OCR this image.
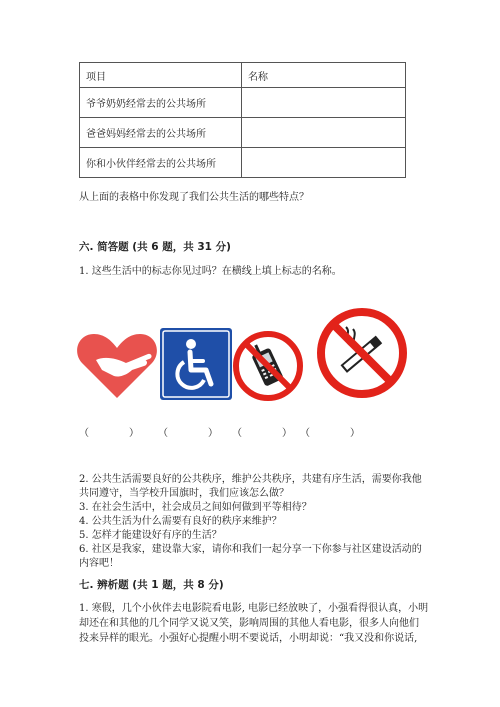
项目	名称
爷爷奶奶经常去的公共场所	
爸爸妈妈经常去的公共场所	
你和小伙伴经常去的公共场所	
从上面的表格中你发现了我们公共生活的哪些特点？
六. 简答题 (共 6 题，共 31 分)
1. 这些生活中的标志你见过吗？在横线上填上标志的名称。
（　　　　） （　　　　） （　　　　） （　　　　）
2. 公共生活需要良好的公共秩序，维护公共秩序，共建有序生活，需要你我他
共同遵守，当学校升国旗时，我们应该怎么做？
3. 在社会生活中，社会成员之间如何做到平等相待？
4. 公共生活为什么需要有良好的秩序来维护？
5. 怎样才能建设好有序的生活？
6. 社区是我家，建设靠大家，请你和我们一起分享一下你参与社区建设活动的
内容吧！
七. 辨析题 (共 1 题，共 8 分)
1. 寒假，几个小伙伴去电影院看电影, 电影已经放映了，小强看得很认真，小明
却还在和其他的几个同学又说又笑，影响周围的其他人看电影，很多人向他们
投来异样的眼光。小强好心提醒小明不要说话，小明却说：“我又没和你说话,
